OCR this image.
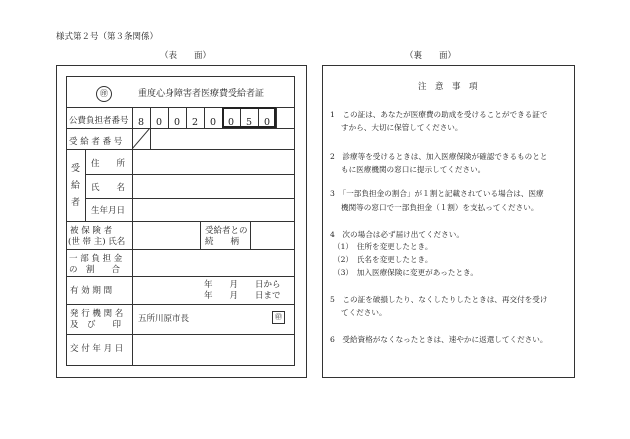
様式第２号（第３条関係）
（表　　面）	（裏　　面）
㊞	重度心身障害者医療費受給者証
公費負担者番号 8	0	0	2	0	0	5	0
受 給 者 番 号
受
給
者
住　　所
氏　　名
生年月日
被 保 険 者
(世 帯 主) 氏名
受給者との
続　　柄
一 部 負 担 金
の　割　　合
有 効 期 間
年　　月　　日から
年　　月　　日まで
発 行 機 関 名
及　び　　印
五所川原市長	㊞
交 付 年 月 日
注　意　事　項
1　この証は、あなたが医療費の助成を受けることができる証で
すから、大切に保管してください。
2　診療等を受けるときは、加入医療保険が確認できるものとと
もに医療機関の窓口に提示してください。
3　「一部負担金の割合」が１割と記載されている場合は、医療
機関等の窓口で一部負担金（１割）を支払ってください。
4　次の場合は必ず届け出てください。
（1）　住所を変更したとき。
（2）　氏名を変更したとき。
（3）　加入医療保険に変更があったとき。
5　この証を破損したり、なくしたりしたときは、再交付を受け
てください。
6　受給資格がなくなったときは、速やかに返還してください。
